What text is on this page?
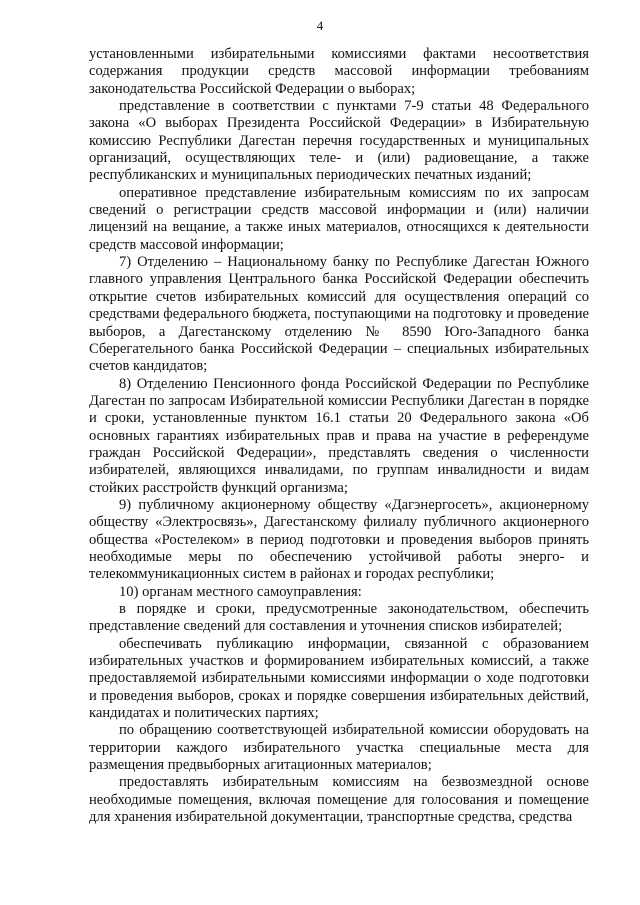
4

установленными избирательными комиссиями фактами несоответствия содержания продукции средств массовой информации требованиям законодательства Российской Федерации о выборах;

представление в соответствии с пунктами 7-9 статьи 48 Федерального закона «О выборах Президента Российской Федерации» в Избирательную комиссию Республики Дагестан перечня государственных и муниципальных организаций, осуществляющих теле- и (или) радиовещание, а также республиканских и муниципальных периодических печатных изданий;

оперативное представление избирательным комиссиям по их запросам сведений о регистрации средств массовой информации и (или) наличии лицензий на вещание, а также иных материалов, относящихся к деятельности средств массовой информации;

7) Отделению – Национальному банку по Республике Дагестан Южного главного управления Центрального банка Российской Федерации обеспечить открытие счетов избирательных комиссий для осуществления операций со средствами федерального бюджета, поступающими на подготовку и проведение выборов, а Дагестанскому отделению № 8590 Юго-Западного банка Сберегательного банка Российской Федерации – специальных избирательных счетов кандидатов;

8) Отделению Пенсионного фонда Российской Федерации по Республике Дагестан по запросам Избирательной комиссии Республики Дагестан в порядке и сроки, установленные пунктом 16.1 статьи 20 Федерального закона «Об основных гарантиях избирательных прав и права на участие в референдуме граждан Российской Федерации», представлять сведения о численности избирателей, являющихся инвалидами, по группам инвалидности и видам стойких расстройств функций организма;

9) публичному акционерному обществу «Дагэнергосеть», акционерному обществу «Электросвязь», Дагестанскому филиалу публичного акционерного общества «Ростелеком» в период подготовки и проведения выборов принять необходимые меры по обеспечению устойчивой работы энерго- и телекоммуникационных систем в районах и городах республики;

10) органам местного самоуправления:

в порядке и сроки, предусмотренные законодательством, обеспечить представление сведений для составления и уточнения списков избирателей;

обеспечивать публикацию информации, связанной с образованием избирательных участков и формированием избирательных комиссий, а также предоставляемой избирательными комиссиями информации о ходе подготовки и проведения выборов, сроках и порядке совершения избирательных действий, кандидатах и политических партиях;

по обращению соответствующей избирательной комиссии оборудовать на территории каждого избирательного участка специальные места для размещения предвыборных агитационных материалов;

предоставлять избирательным комиссиям на безвозмездной основе необходимые помещения, включая помещение для голосования и помещение для хранения избирательной документации, транспортные средства, средства
